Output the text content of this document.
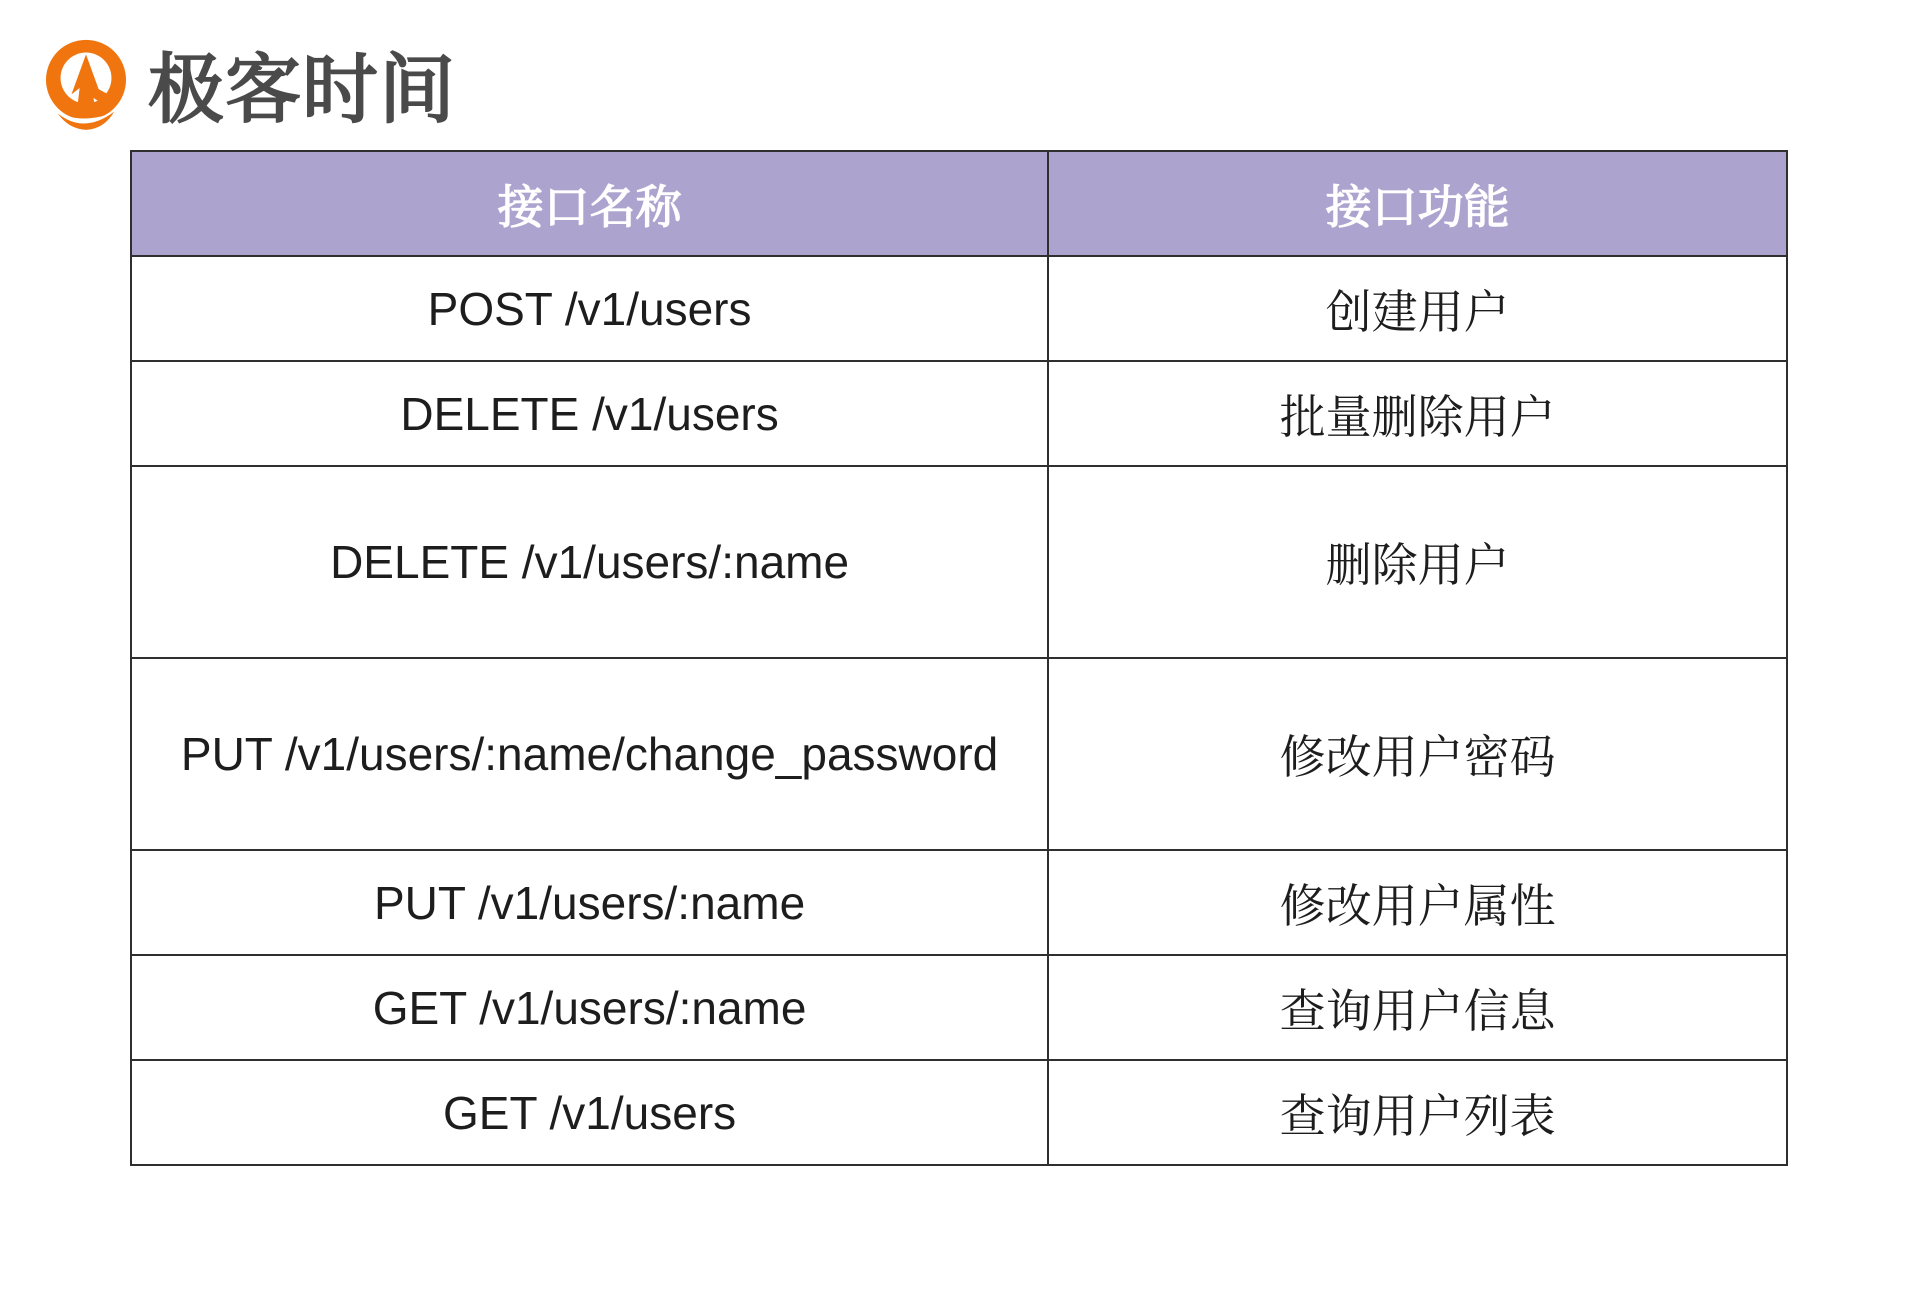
极客时间
接口名称	接口功能
POST /v1/users	创建用户
DELETE /v1/users	批量删除用户
DELETE /v1/users/:name	删除用户
PUT /v1/users/:name/change_password	修改用户密码
PUT /v1/users/:name	修改用户属性
GET /v1/users/:name	查询用户信息
GET /v1/users	查询用户列表
